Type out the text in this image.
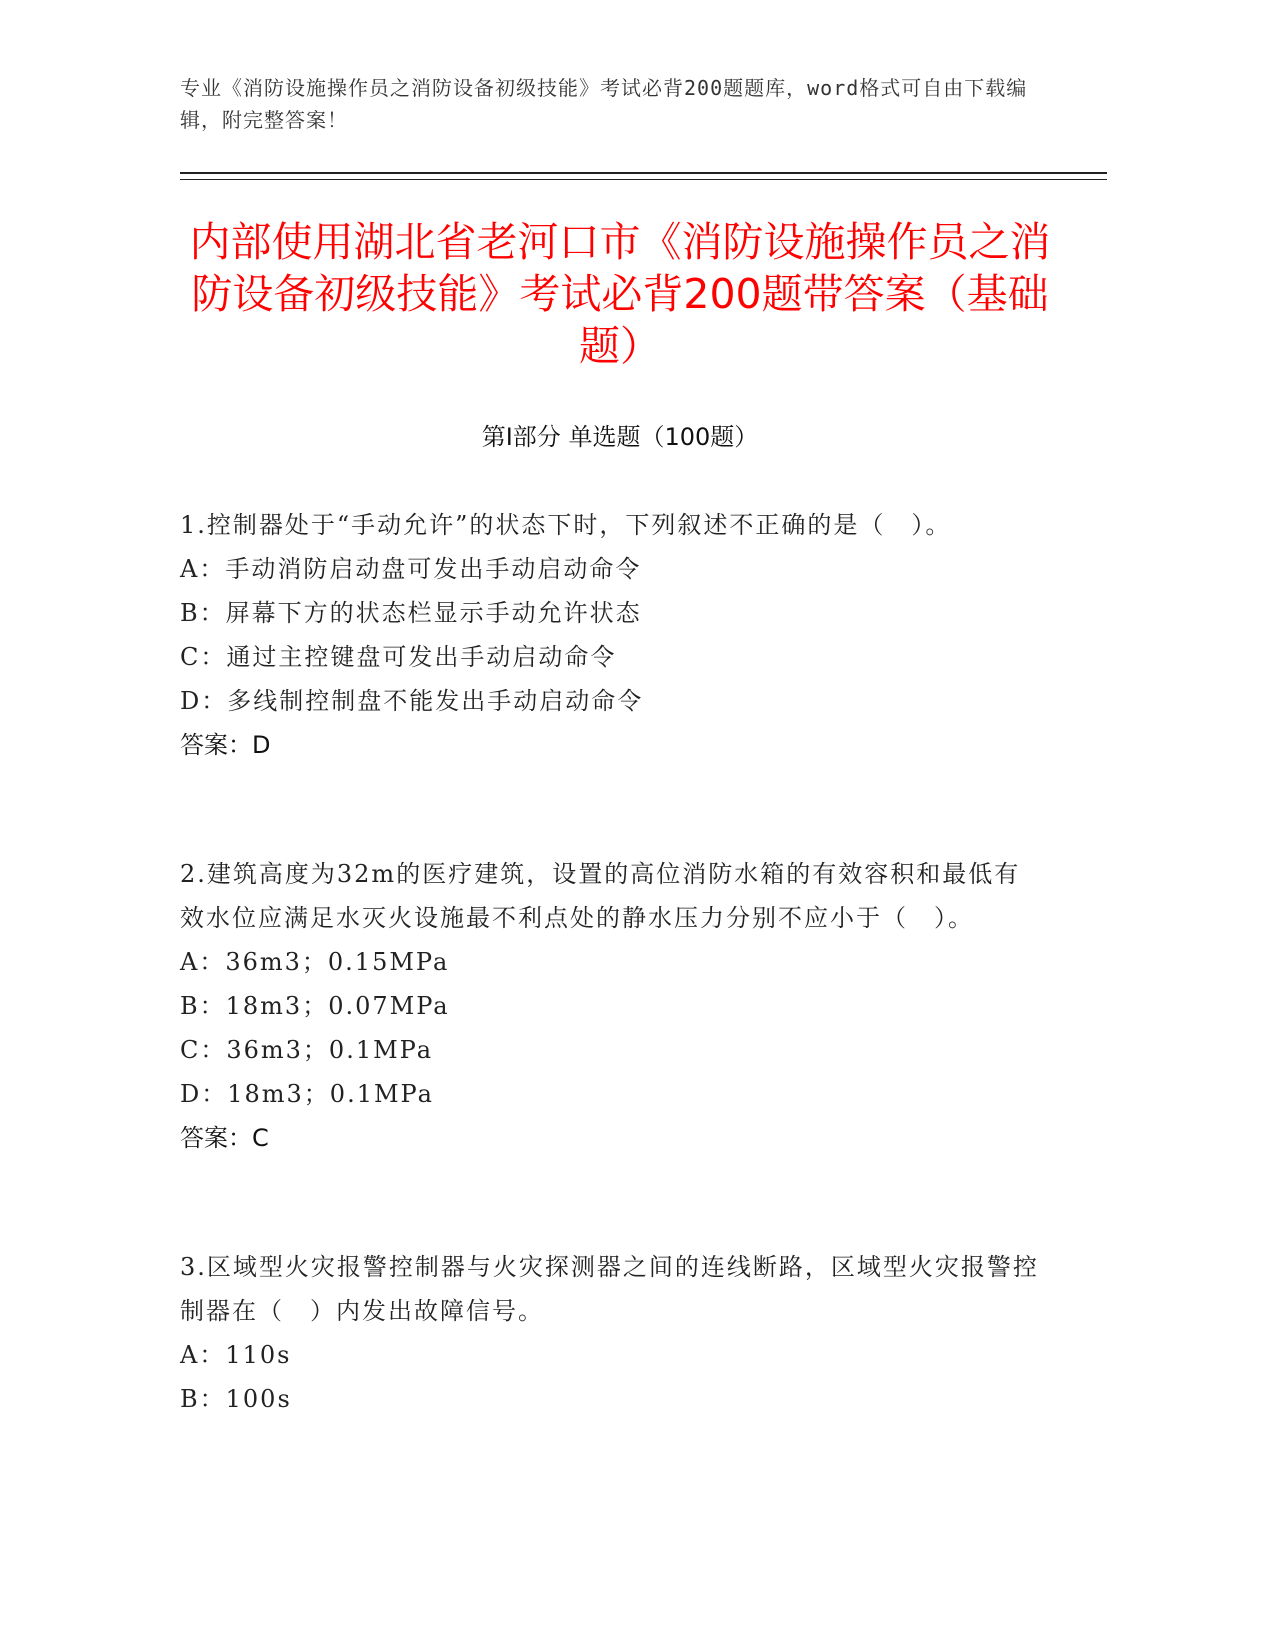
专业《消防设施操作员之消防设备初级技能》考试必背200题题库，word格式可自由下载编辑，附完整答案！
内部使用湖北省老河口市《消防设施操作员之消防设备初级技能》考试必背200题带答案（基础题）
第Ⅰ部分 单选题（100题）

1.控制器处于“手动允许”的状态下时，下列叙述不正确的是（　）。

A：手动消防启动盘可发出手动启动命令
B：屏幕下方的状态栏显示手动允许状态
C：通过主控键盘可发出手动启动命令
D：多线制控制盘不能发出手动启动命令
答案：D

2.建筑高度为32m的医疗建筑，设置的高位消防水箱的有效容积和最低有效水位应满足水灭火设施最不利点处的静水压力分别不应小于（　）。

A：36m3；0.15MPa
B：18m3；0.07MPa
C：36m3；0.1MPa
D：18m3；0.1MPa
答案：C

3.区域型火灾报警控制器与火灾探测器之间的连线断路，区域型火灾报警控制器在（　）内发出故障信号。

A：110s
B：100s
